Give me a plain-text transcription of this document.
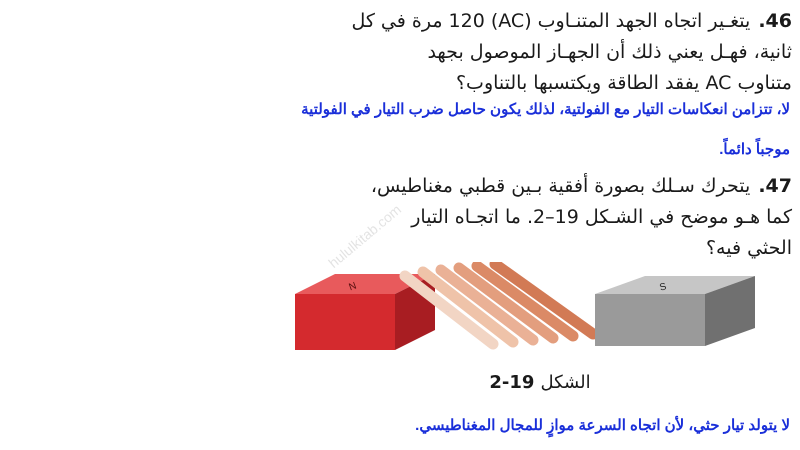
46.يتغـير اتجاه الجهد المتنـاوب (AC) 120 مرة في كل
ثانية، فهـل يعني ذلك أن الجهـاز الموصول بجهد
متناوب AC يفقد الطاقة ويكتسبها بالتناوب؟
لا، تتزامن انعكاسات التيار مع الفولتية، لذلك يكون حاصل ضرب التيار في الفولتية
موجباً دائماً.
47.يتحرك سـلك بصورة أفقية بـين قطبي مغناطيس،
كما هـو موضح في الشـكل 19–2. ما اتجـاه التيار
الحثي فيه؟
hululkitab.com
N	S
الشكل19-2
لا يتولد تيار حثي، لأن اتجاه السرعة موازٍ للمجال المغناطيسي.
